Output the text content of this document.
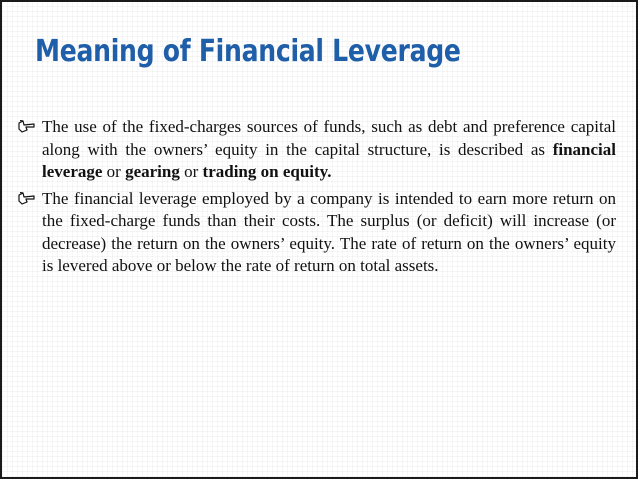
Meaning of Financial Leverage
The use of the fixed-charges sources of funds, such as debt and preference capital along with the owners’ equity in the capital structure, is described as financial leverage or gearing or trading on equity.
The financial leverage employed by a company is intended to earn more return on the fixed-charge funds than their costs. The surplus (or deficit) will increase (or decrease) the return on the owners’ equity. The rate of return on the owners’ equity is levered above or below the rate of return on total assets.
